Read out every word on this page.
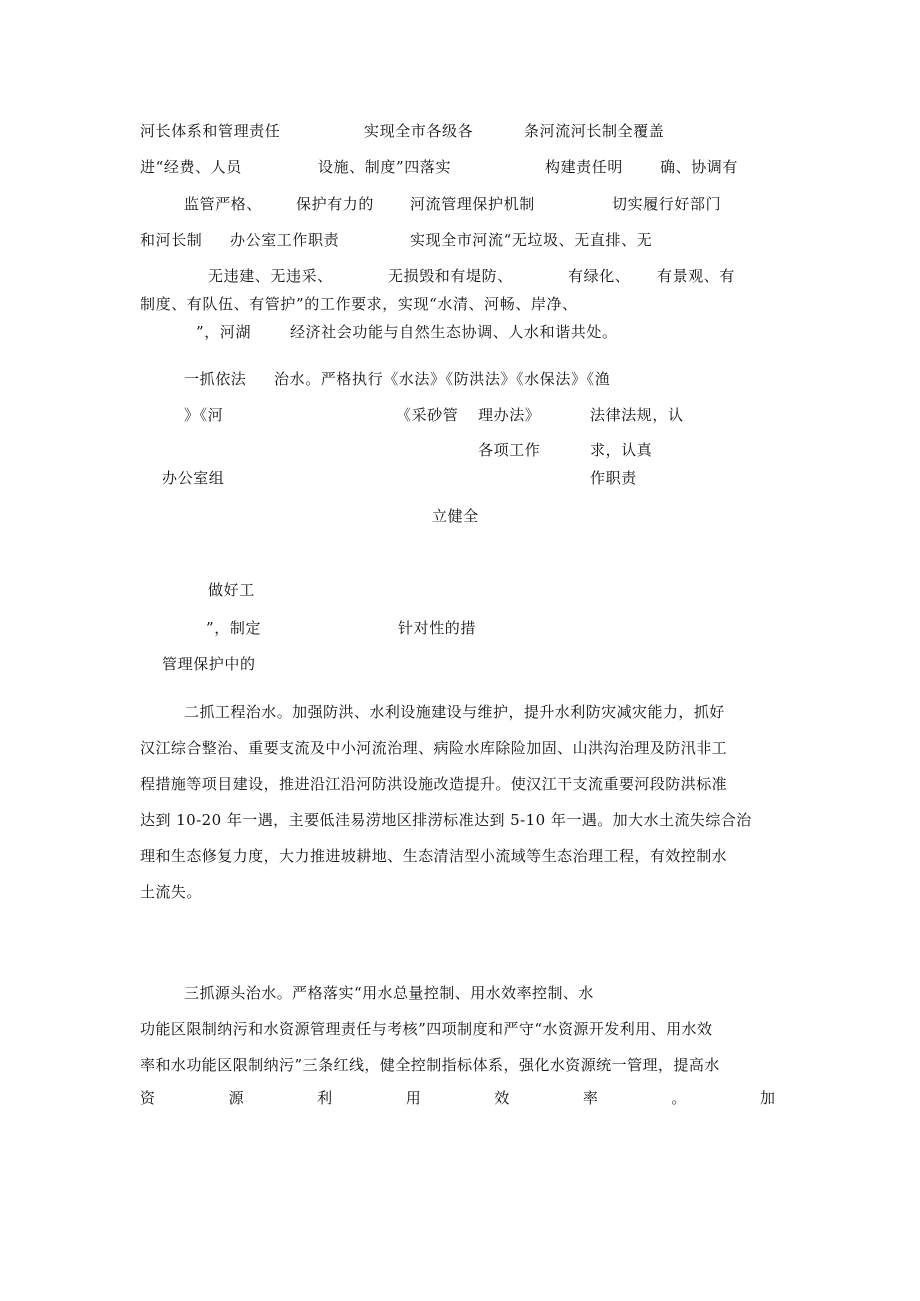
河长体系和管理责任	实现全市各级各	条河流河长制全覆盖
进“经费、人员	设施、制度”四落实	构建责任明 确、协调有
监管严格、 保护有力的 河流管理保护机制	切实履行好部门
和河长制 办公室工作职责	实现全市河流“无垃圾、无直排、无
无违建、无违采、	无损毁和有堤防、	有绿化、 有景观、有
制度、有队伍、有管护”的工作要求，实现“水清、河畅、岸净、
”，河湖	经济社会功能与自然生态协调、人水和谐共处。
一抓依法 治水。严格执行《水法》《防洪法》《水保法》《渔
》《河	《采砂管 理办法》	法律法规，认
各项工作	求，认真
办公室组	作职责
立健全
做好工
”，制定	针对性的措
管理保护中的
二抓工程治水。加强防洪、水利设施建设与维护，提升水利防灾减灾能力，抓好
汉江综合整治、重要支流及中小河流治理、病险水库除险加固、山洪沟治理及防汛非工
程措施等项目建设，推进沿江沿河防洪设施改造提升。使汉江干支流重要河段防洪标准
达到 10-20 年一遇，主要低洼易涝地区排涝标准达到 5-10 年一遇。加大水土流失综合治
理和生态修复力度，大力推进坡耕地、生态清洁型小流域等生态治理工程，有效控制水
土流失。
三抓源头治水。严格落实“用水总量控制、用水效率控制、水
功能区限制纳污和水资源管理责任与考核”四项制度和严守“水资源开发利用、用水效
率和水功能区限制纳污”三条红线，健全控制指标体系，强化水资源统一管理，提高水
资	源	利	用	效	率	。	加
